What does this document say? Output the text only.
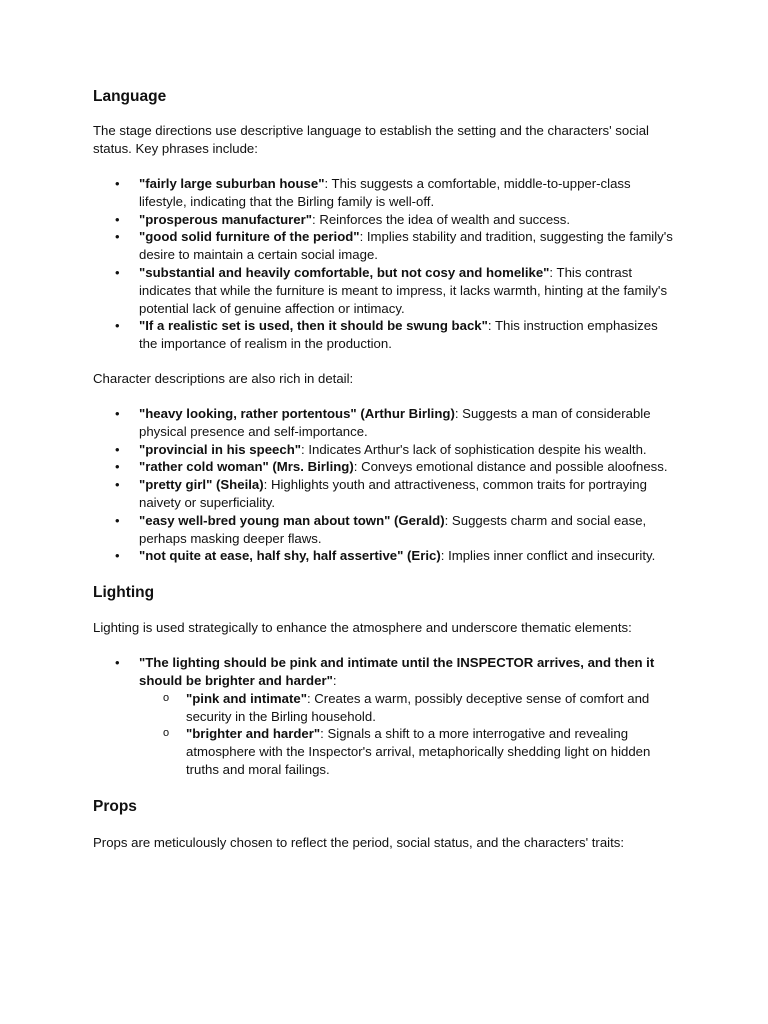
Language

The stage directions use descriptive language to establish the setting and the characters' social status. Key phrases include:

• "fairly large suburban house": This suggests a comfortable, middle-to-upper-class lifestyle, indicating that the Birling family is well-off.
• "prosperous manufacturer": Reinforces the idea of wealth and success.
• "good solid furniture of the period": Implies stability and tradition, suggesting the family's desire to maintain a certain social image.
• "substantial and heavily comfortable, but not cosy and homelike": This contrast indicates that while the furniture is meant to impress, it lacks warmth, hinting at the family's potential lack of genuine affection or intimacy.
• "If a realistic set is used, then it should be swung back": This instruction emphasizes the importance of realism in the production.

Character descriptions are also rich in detail:

• "heavy looking, rather portentous" (Arthur Birling): Suggests a man of considerable physical presence and self-importance.
• "provincial in his speech": Indicates Arthur's lack of sophistication despite his wealth.
• "rather cold woman" (Mrs. Birling): Conveys emotional distance and possible aloofness.
• "pretty girl" (Sheila): Highlights youth and attractiveness, common traits for portraying naivety or superficiality.
• "easy well-bred young man about town" (Gerald): Suggests charm and social ease, perhaps masking deeper flaws.
• "not quite at ease, half shy, half assertive" (Eric): Implies inner conflict and insecurity.
Lighting

Lighting is used strategically to enhance the atmosphere and underscore thematic elements:

• "The lighting should be pink and intimate until the INSPECTOR arrives, and then it should be brighter and harder":
o "pink and intimate": Creates a warm, possibly deceptive sense of comfort and security in the Birling household.
o "brighter and harder": Signals a shift to a more interrogative and revealing atmosphere with the Inspector's arrival, metaphorically shedding light on hidden truths and moral failings.
Props

Props are meticulously chosen to reflect the period, social status, and the characters' traits:
